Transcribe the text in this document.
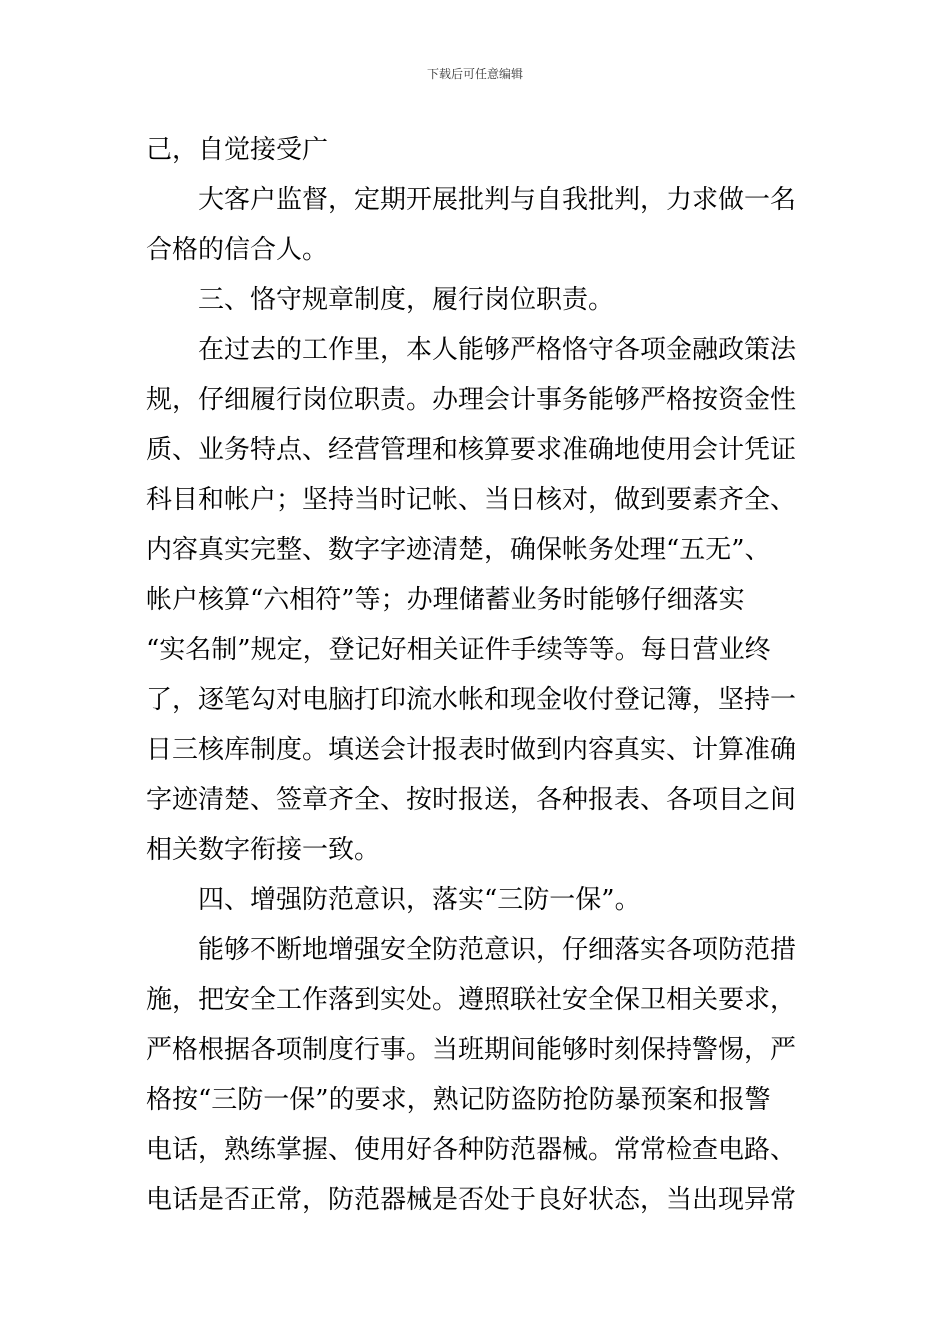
下载后可任意编辑
己，自觉接受广
大客户监督，定期开展批判与自我批判，力求做一名
合格的信合人。
三、恪守规章制度，履行岗位职责。
在过去的工作里，本人能够严格恪守各项金融政策法
规，仔细履行岗位职责。办理会计事务能够严格按资金性
质、业务特点、经营管理和核算要求准确地使用会计凭证
科目和帐户；坚持当时记帐、当日核对，做到要素齐全、
内容真实完整、数字字迹清楚，确保帐务处理“五无”、
帐户核算“六相符”等；办理储蓄业务时能够仔细落实
“实名制”规定，登记好相关证件手续等等。每日营业终
了，逐笔勾对电脑打印流水帐和现金收付登记簿，坚持一
日三核库制度。填送会计报表时做到内容真实、计算准确
字迹清楚、签章齐全、按时报送，各种报表、各项目之间
相关数字衔接一致。
四、增强防范意识，落实“三防一保”。
能够不断地增强安全防范意识，仔细落实各项防范措
施，把安全工作落到实处。遵照联社安全保卫相关要求，
严格根据各项制度行事。当班期间能够时刻保持警惕，严
格按“三防一保”的要求，熟记防盗防抢防暴预案和报警
电话，熟练掌握、使用好各种防范器械。常常检查电路、
电话是否正常，防范器械是否处于良好状态，当出现异常
